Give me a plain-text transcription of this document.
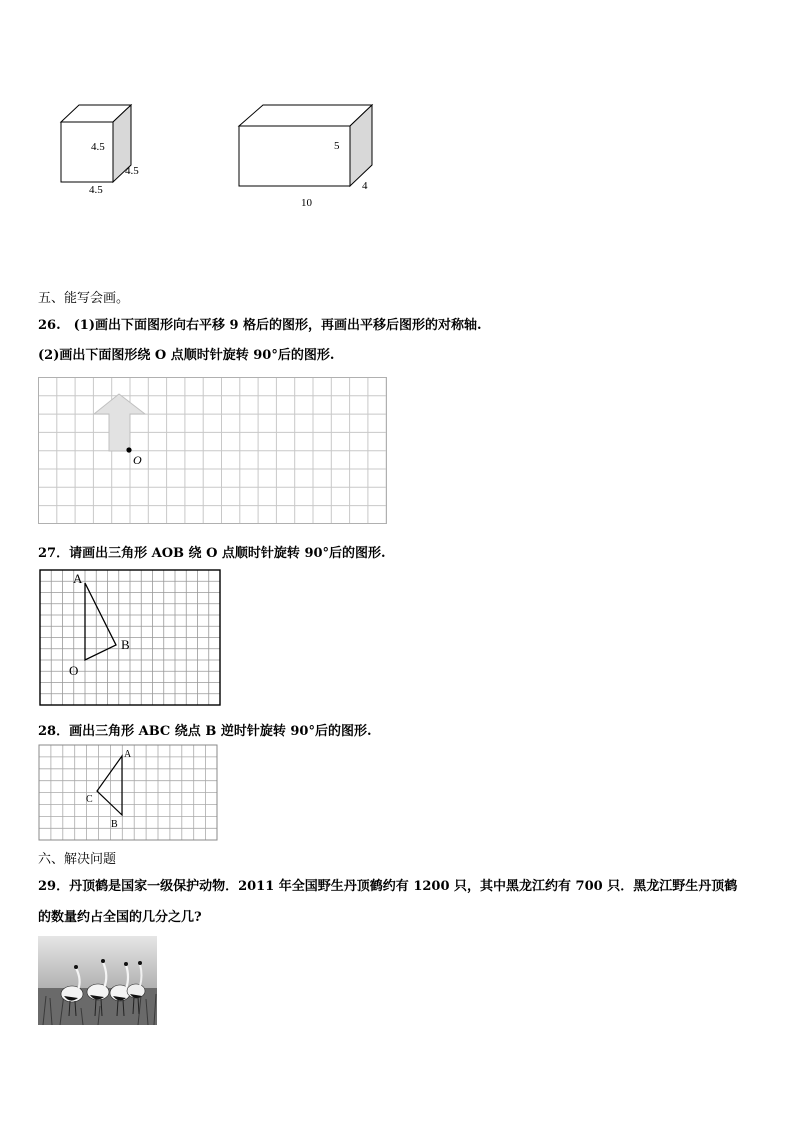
4.5
4.5
4.5
5
4
10
五、能写会画。
26.　(1)画出下面图形向右平移 9 格后的图形，再画出平移后图形的对称轴.
(2)画出下面图形绕 O 点顺时针旋转 90°后的图形.
O
27．请画出三角形 AOB 绕 O 点顺时针旋转 90°后的图形.
A
B
O
28．画出三角形 ABC 绕点 B 逆时针旋转 90°后的图形.
A
B
C
六、解决问题
29．丹顶鹤是国家一级保护动物．2011 年全国野生丹顶鹤约有 1200 只，其中黑龙江约有 700 只．黑龙江野生丹顶鹤
的数量约占全国的几分之几?
